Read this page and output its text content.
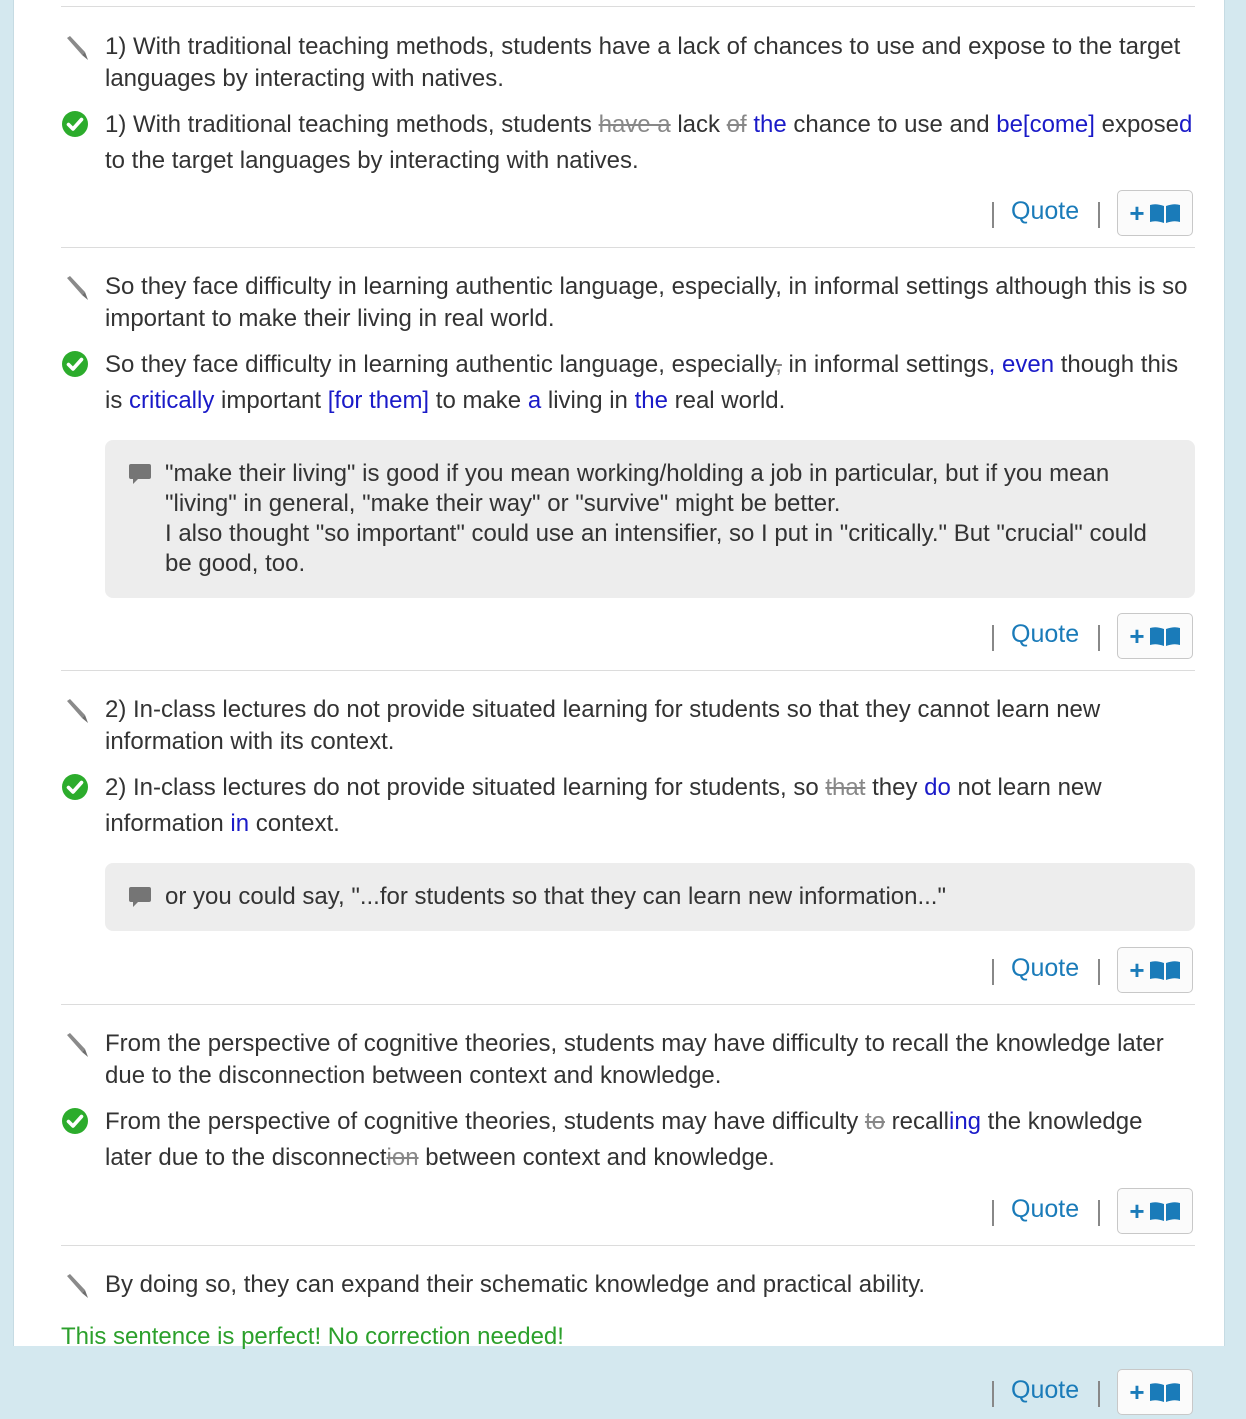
1) With traditional teaching methods, students have a lack of chances to use and expose to the target languages by interacting with natives.
1) With traditional teaching methods, students have a lack of the chance to use and be[come] exposed to the target languages by interacting with natives.
Quote +
So they face difficulty in learning authentic language, especially, in informal settings although this is so important to make their living in real world.
So they face difficulty in learning authentic language, especially, in informal settings, even though this is critically important [for them] to make a living in the real world.
"make their living" is good if you mean working/holding a job in particular, but if you mean "living" in general, "make their way" or "survive" might be better.
I also thought "so important" could use an intensifier, so I put in "critically." But "crucial" could be good, too.
Quote +
2) In-class lectures do not provide situated learning for students so that they cannot learn new information with its context.
2) In-class lectures do not provide situated learning for students, so that they do not learn new information in context.
or you could say, "...for students so that they can learn new information..."
Quote +
From the perspective of cognitive theories, students may have difficulty to recall the knowledge later due to the disconnection between context and knowledge.
From the perspective of cognitive theories, students may have difficulty to recalling the knowledge later due to the disconnection between context and knowledge.
Quote +
By doing so, they can expand their schematic knowledge and practical ability.
This sentence is perfect! No correction needed!
Quote +
